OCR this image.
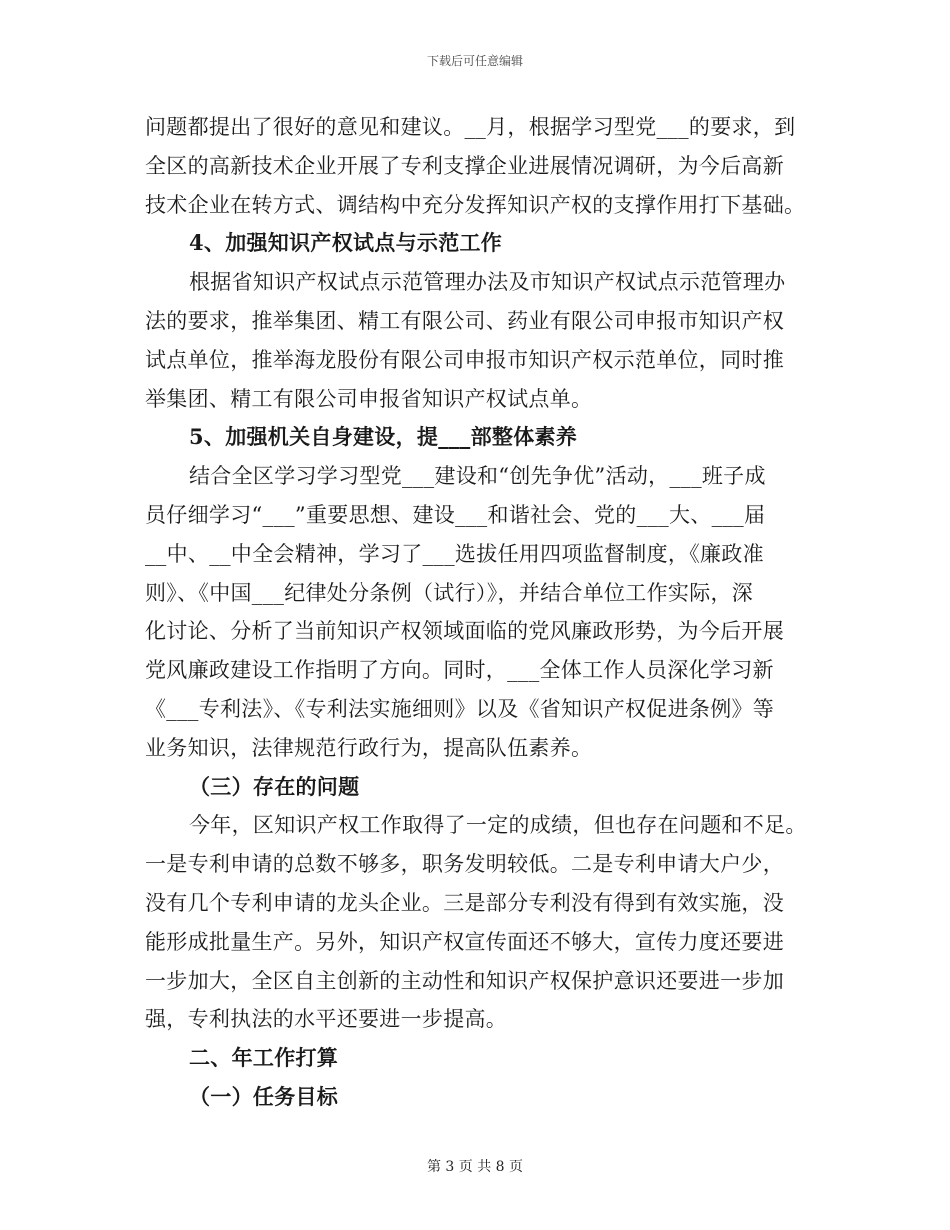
下载后可任意编辑
问题都提出了很好的意见和建议。__月，根据学习型党___的要求，到
全区的高新技术企业开展了专利支撑企业进展情况调研，为今后高新
技术企业在转方式、调结构中充分发挥知识产权的支撑作用打下基础。
4、加强知识产权试点与示范工作
根据省知识产权试点示范管理办法及市知识产权试点示范管理办
法的要求，推举集团、精工有限公司、药业有限公司申报市知识产权
试点单位，推举海龙股份有限公司申报市知识产权示范单位，同时推
举集团、精工有限公司申报省知识产权试点单。
5、加强机关自身建设，提___部整体素养
结合全区学习学习型党___建设和“创先争优”活动，___班子成
员仔细学习“___”重要思想、建设___和谐社会、党的___大、___届
__中、__中全会精神，学习了___选拔任用四项监督制度，《廉政准
则》、《中国___纪律处分条例（试行）》，并结合单位工作实际，深
化讨论、分析了当前知识产权领域面临的党风廉政形势，为今后开展
党风廉政建设工作指明了方向。同时，___全体工作人员深化学习新
《___专利法》、《专利法实施细则》以及《省知识产权促进条例》等
业务知识，法律规范行政行为，提高队伍素养。
（三）存在的问题
今年，区知识产权工作取得了一定的成绩，但也存在问题和不足。
一是专利申请的总数不够多，职务发明较低。二是专利申请大户少，
没有几个专利申请的龙头企业。三是部分专利没有得到有效实施，没
能形成批量生产。另外，知识产权宣传面还不够大，宣传力度还要进
一步加大，全区自主创新的主动性和知识产权保护意识还要进一步加
强，专利执法的水平还要进一步提高。
二、年工作打算
（一）任务目标
第 3 页 共 8 页
